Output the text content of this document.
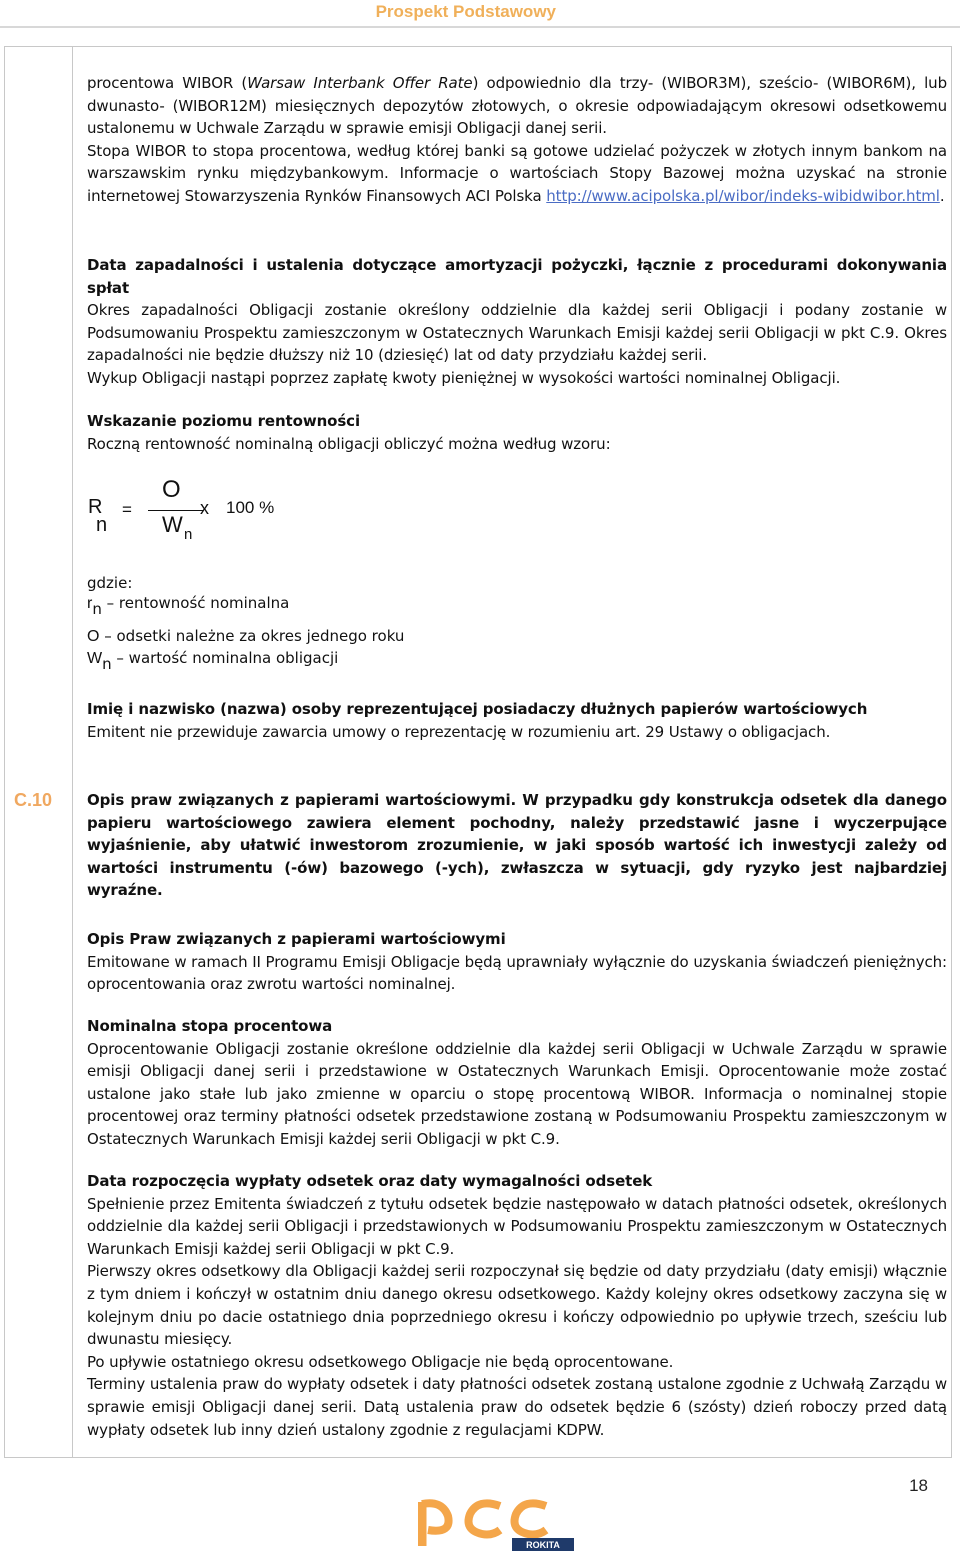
Prospekt Podstawowy
C.10

procentowa WIBOR (Warsaw Interbank Offer Rate) odpowiednio dla trzy- (WIBOR3M), sześcio- (WIBOR6M), lub dwunasto- (WIBOR12M) miesięcznych depozytów złotowych, o okresie odpowiadającym okresowi odsetkowemu ustalonemu w Uchwale Zarządu w sprawie emisji Obligacji danej serii.

Stopa WIBOR to stopa procentowa, według której banki są gotowe udzielać pożyczek w złotych innym bankom na warszawskim rynku międzybankowym. Informacje o wartościach Stopy Bazowej można uzyskać na stronie internetowej Stowarzyszenia Rynków Finansowych ACI Polska http://www.acipolska.pl/wibor/indeks-wibidwibor.html.

Data zapadalności i ustalenia dotyczące amortyzacji pożyczki, łącznie z procedurami dokonywania spłat

Okres zapadalności Obligacji zostanie określony oddzielnie dla każdej serii Obligacji i podany zostanie w Podsumowaniu Prospektu zamieszczonym w Ostatecznych Warunkach Emisji każdej serii Obligacji w pkt C.9. Okres zapadalności nie będzie dłuższy niż 10 (dziesięć) lat od daty przydziału każdej serii.

Wykup Obligacji nastąpi poprzez zapłatę kwoty pieniężnej w wysokości wartości nominalnej Obligacji.

Wskazanie poziomu rentowności

Roczną rentowność nominalną obligacji obliczyć można według wzoru:

R
n
=
O
W n
x 100 %
gdzie:
rn – rentowność nominalna
O – odsetki należne za okres jednego roku
Wn – wartość nominalna obligacji

Imię i nazwisko (nazwa) osoby reprezentującej posiadaczy dłużnych papierów wartościowych

Emitent nie przewiduje zawarcia umowy o reprezentację w rozumieniu art. 29 Ustawy o obligacjach.

Opis praw związanych z papierami wartościowymi. W przypadku gdy konstrukcja odsetek dla danego papieru wartościowego zawiera element pochodny, należy przedstawić jasne i wyczerpujące wyjaśnienie, aby ułatwić inwestorom zrozumienie, w jaki sposób wartość ich inwestycji zależy od wartości instrumentu (-ów) bazowego (-ych), zwłaszcza w sytuacji, gdy ryzyko jest najbardziej wyraźne.

Opis Praw związanych z papierami wartościowymi

Emitowane w ramach II Programu Emisji Obligacje będą uprawniały wyłącznie do uzyskania świadczeń pieniężnych: oprocentowania oraz zwrotu wartości nominalnej.

Nominalna stopa procentowa

Oprocentowanie Obligacji zostanie określone oddzielnie dla każdej serii Obligacji w Uchwale Zarządu w sprawie emisji Obligacji danej serii i przedstawione w Ostatecznych Warunkach Emisji. Oprocentowanie może zostać ustalone jako stałe lub jako zmienne w oparciu o stopę procentową WIBOR. Informacja o nominalnej stopie procentowej oraz terminy płatności odsetek przedstawione zostaną w Podsumowaniu Prospektu zamieszczonym w Ostatecznych Warunkach Emisji każdej serii Obligacji w pkt C.9.

Data rozpoczęcia wypłaty odsetek oraz daty wymagalności odsetek

Spełnienie przez Emitenta świadczeń z tytułu odsetek będzie następowało w datach płatności odsetek, określonych oddzielnie dla każdej serii Obligacji i przedstawionych w Podsumowaniu Prospektu zamieszczonym w Ostatecznych Warunkach Emisji każdej serii Obligacji w pkt C.9.

Pierwszy okres odsetkowy dla Obligacji każdej serii rozpoczynał się będzie od daty przydziału (daty emisji) włącznie z tym dniem i kończył w ostatnim dniu danego okresu odsetkowego. Każdy kolejny okres odsetkowy zaczyna się w kolejnym dniu po dacie ostatniego dnia poprzedniego okresu i kończy odpowiednio po upływie trzech, sześciu lub dwunastu miesięcy.

Po upływie ostatniego okresu odsetkowego Obligacje nie będą oprocentowane.

Terminy ustalenia praw do wypłaty odsetek i daty płatności odsetek zostaną ustalone zgodnie z Uchwałą Zarządu w sprawie emisji Obligacji danej serii. Datą ustalenia praw do odsetek będzie 6 (szósty) dzień roboczy przed datą wypłaty odsetek lub inny dzień ustalony zgodnie z regulacjami KDPW.

18
ROKITA
